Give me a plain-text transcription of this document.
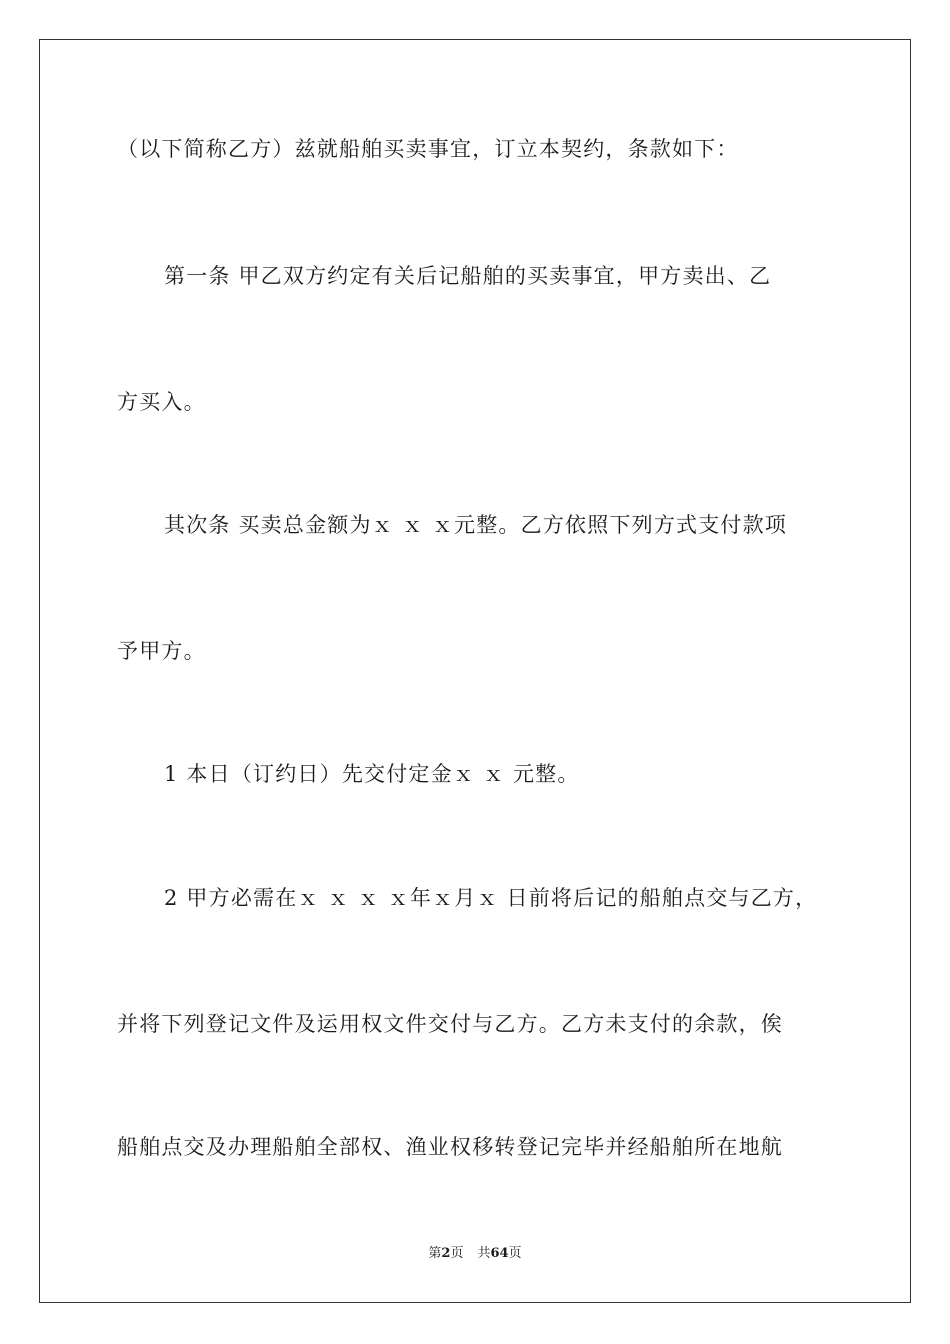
（以下简称乙方）兹就船舶买卖事宜，订立本契约，条款如下：
第一条 甲乙双方约定有关后记船舶的买卖事宜，甲方卖出、乙
方买入。
其次条 买卖总金额为ｘ ｘ ｘ元整。乙方依照下列方式支付款项
予甲方。
1 本日（订约日）先交付定金ｘ ｘ 元整。
2 甲方必需在ｘ ｘ ｘ ｘ年ｘ月ｘ 日前将后记的船舶点交与乙方，
并将下列登记文件及运用权文件交付与乙方。乙方未支付的余款，俟
船舶点交及办理船舶全部权、渔业权移转登记完毕并经船舶所在地航
第2页 共64页
